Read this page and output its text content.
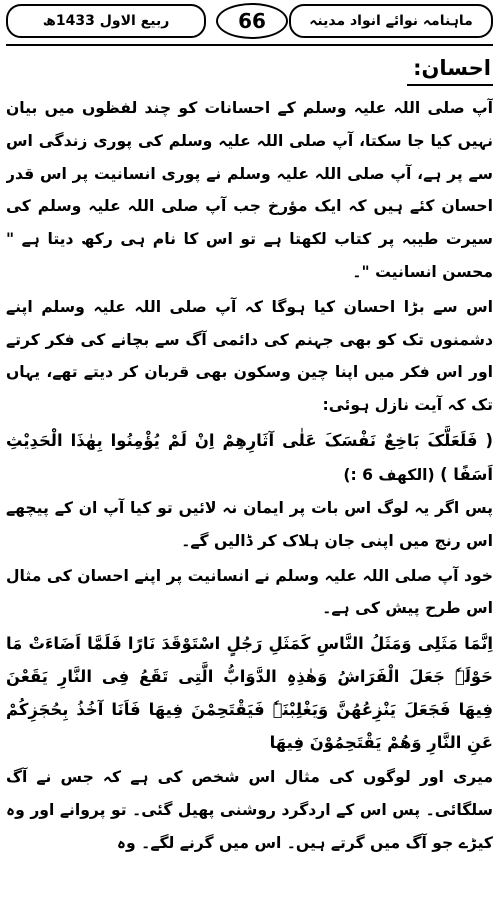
ماہنامہ نوائے انواد مدینہ
66
ربیع الاول 1433ھ
احسان:

آپ صلی اللہ علیہ وسلم کے احسانات کو چند لفظوں میں بیان نہیں کیا جا سکتا، آپ صلی اللہ علیہ وسلم کی پوری زندگی اس سے پر ہے، آپ صلی اللہ علیہ وسلم نے پوری انسانیت پر اس قدر احسان کئے ہیں کہ ایک مؤرخ جب آپ صلی اللہ علیہ وسلم کی سیرت طیبہ پر کتاب لکھتا ہے تو اس کا نام ہی رکھ دیتا ہے " محسن انسانیت "۔

اس سے بڑا احسان کیا ہوگا کہ آپ صلی اللہ علیہ وسلم اپنے دشمنوں تک کو بھی جہنم کی دائمی آگ سے بچانے کی فکر کرتے اور اس فکر میں اپنا چین وسکون بھی قربان کر دیتے تھے، یہاں تک کہ آیت نازل ہوئی:

( فَلَعَلَّکَ بَاخِعٌ نَفْسَکَ عَلٰی آثَارِھِمْ اِنْ لَمْ یُؤْمِنُوا بِھٰذَا الْحَدِیْثِ اَسَفًا ) (الکھف 6 :)

پس اگر یہ لوگ اس بات پر ایمان نہ لائیں تو کیا آپ ان کے پیچھے اس رنج میں اپنی جان ہلاک کر ڈالیں گے۔

خود آپ صلی اللہ علیہ وسلم نے انسانیت پر اپنے احسان کی مثال اس طرح پیش کی ہے۔

اِنَّمَا مَثَلِی وَمَثَلُ النَّاسِ کَمَثَلِ رَجُلٍ اسْتَوْقَدَ نَارًا فَلَمَّا اَضَاءَتْ مَا حَوْلَہٗ جَعَلَ الْفَرَاشُ وَھٰذِہِ الدَّوَابُّ الَّتِی تَقَعُ فِی النَّارِ یَقَعْنَ فِیھَا فَجَعَلَ یَنْزِعُھُنَّ وَیَغْلِبْنَہٗ فَیَقْتَحِمْنَ فِیھَا فَاَنَا آخُذُ بِحُجَزِکُمْ عَنِ النَّارِ وَھُمْ یَقْتَحِمُوْنَ فِیھَا

میری اور لوگوں کی مثال اس شخص کی ہے کہ جس نے آگ سلگائی۔ پس اس کے اردگرد روشنی پھیل گئی۔ تو پروانے اور وہ کیڑے جو آگ میں گرتے ہیں۔ اس میں گرنے لگے۔ وہ
